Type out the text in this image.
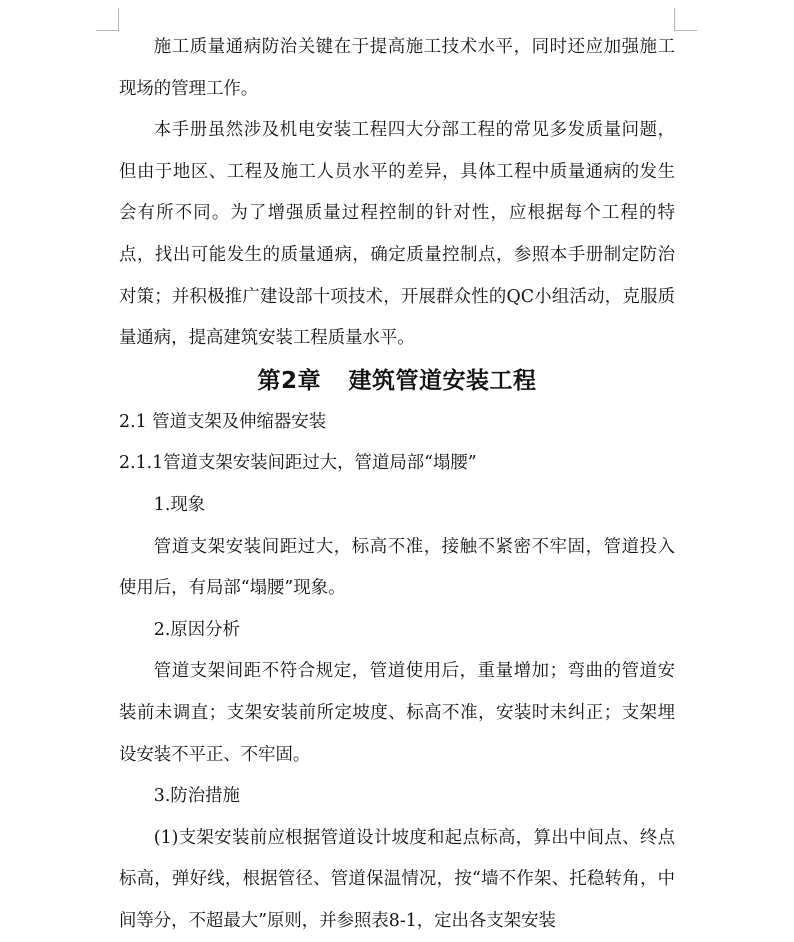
施工质量通病防治关键在于提高施工技术水平，同时还应加强施工现场的管理工作。

本手册虽然涉及机电安装工程四大分部工程的常见多发质量问题，但由于地区、工程及施工人员水平的差异，具体工程中质量通病的发生会有所不同。为了增强质量过程控制的针对性，应根据每个工程的特点，找出可能发生的质量通病，确定质量控制点，参照本手册制定防治对策；并积极推广建设部十项技术，开展群众性的QC小组活动，克服质量通病，提高建筑安装工程质量水平。

第2章 建筑管道安装工程

2.1 管道支架及伸缩器安装

2.1.1管道支架安装间距过大，管道局部“塌腰”

1.现象

管道支架安装间距过大，标高不准，接触不紧密不牢固，管道投入使用后，有局部“塌腰”现象。

2.原因分析

管道支架间距不符合规定，管道使用后，重量增加；弯曲的管道安装前未调直；支架安装前所定坡度、标高不准，安装时未纠正；支架埋设安装不平正、不牢固。

3.防治措施

(1)支架安装前应根据管道设计坡度和起点标高，算出中间点、终点标高，弹好线，根据管径、管道保温情况，按“墙不作架、托稳转角，中间等分，不超最大”原则，并参照表8-1，定出各支架安装
